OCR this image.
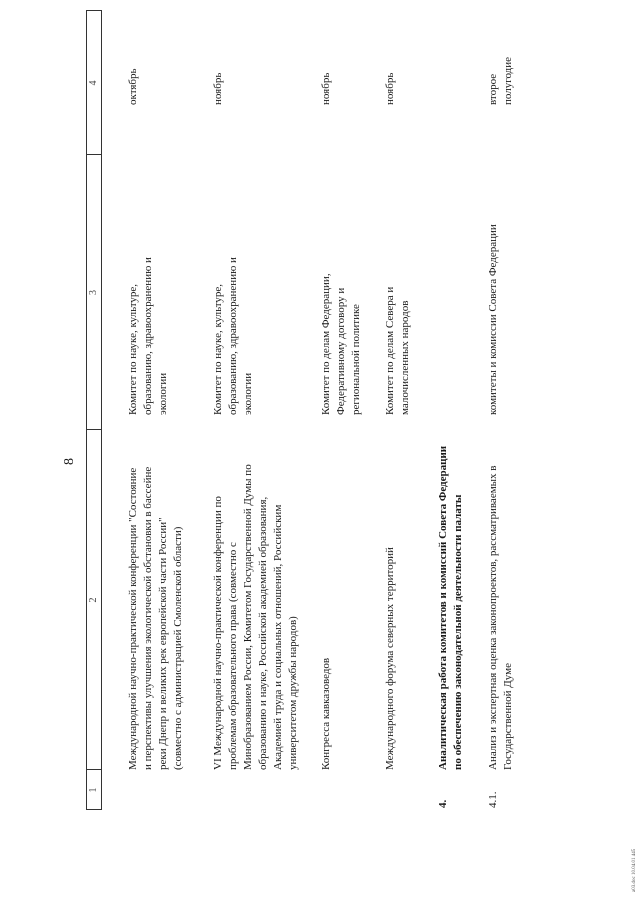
8
1
2
3
4
Международной научно-практической конференции "Состояние и перспективы улучшения экологической обстановки в бассейне реки Днепр и великих рек европейской части России" (совместно с администрацией Смоленской области)
Комитет по науке, культуре, образованию, здравоохранению и экологии
октябрь
VI Международной научно-практической конференции по проблемам образовательного права (совместно с Минобразованием России, Комитетом Государственной Думы по образованию и науке, Российской академией образования, Академией труда и социальных отношений, Российским университетом дружбы народов)
Комитет по науке, культуре, образованию, здравоохранению и экологии
ноябрь
Конгресса кавказоведов
Комитет по делам Федерации, Федеративному договору и региональной политике
ноябрь
Международного форума северных территорий
Комитет по делам Севера и малочисленных народов
ноябрь
4.
Аналитическая работа комитетов и комиссий Совета Федерации по обеспечению законодательной деятельности палаты
4.1.
Анализ и экспертная оценка законопроектов, рассматриваемых в Государственной Думе
комитеты и комиссии Совета Федерации
второе полугодие
а03.doc 10.04.01 445
